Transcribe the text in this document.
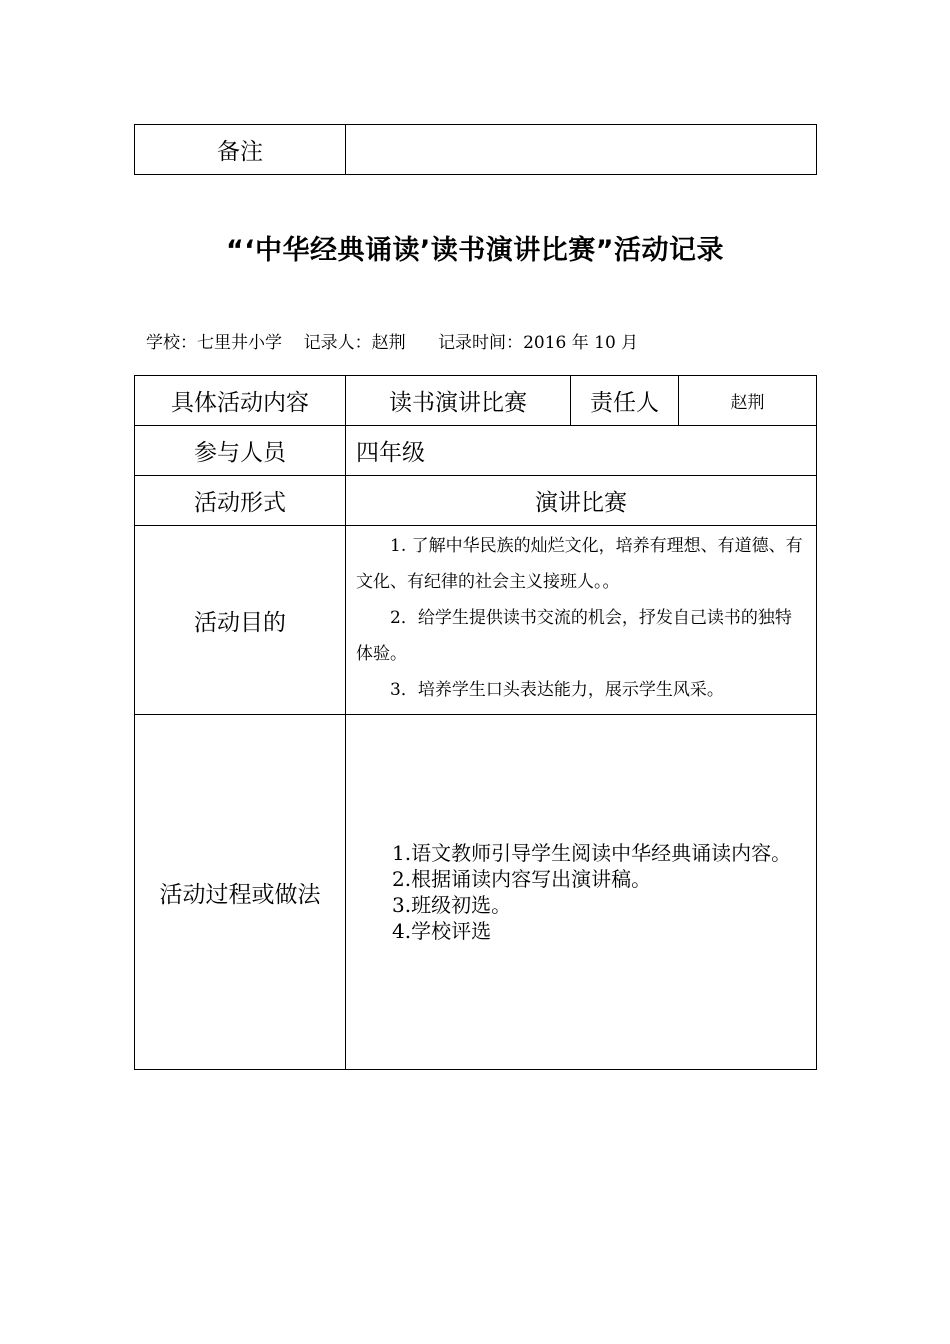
备注	
“‘中华经典诵读’读书演讲比赛”活动记录
学校：七里井小学 记录人：赵荆 记录时间：2016 年 10 月
具体活动内容	读书演讲比赛	责任人	赵荆
参与人员	四年级		
活动形式	演讲比赛		
活动目的	1. 了解中华民族的灿烂文化，培养有理想、有道德、有文化、有纪律的社会主义接班人。。

2．给学生提供读书交流的机会，抒发自己读书的独特体验。

3．培养学生口头表达能力，展示学生风采。		

活动过程或做法	1.语文教师引导学生阅读中华经典诵读内容。

2.根据诵读内容写出演讲稿。

3.班级初选。

4.学校评选		
